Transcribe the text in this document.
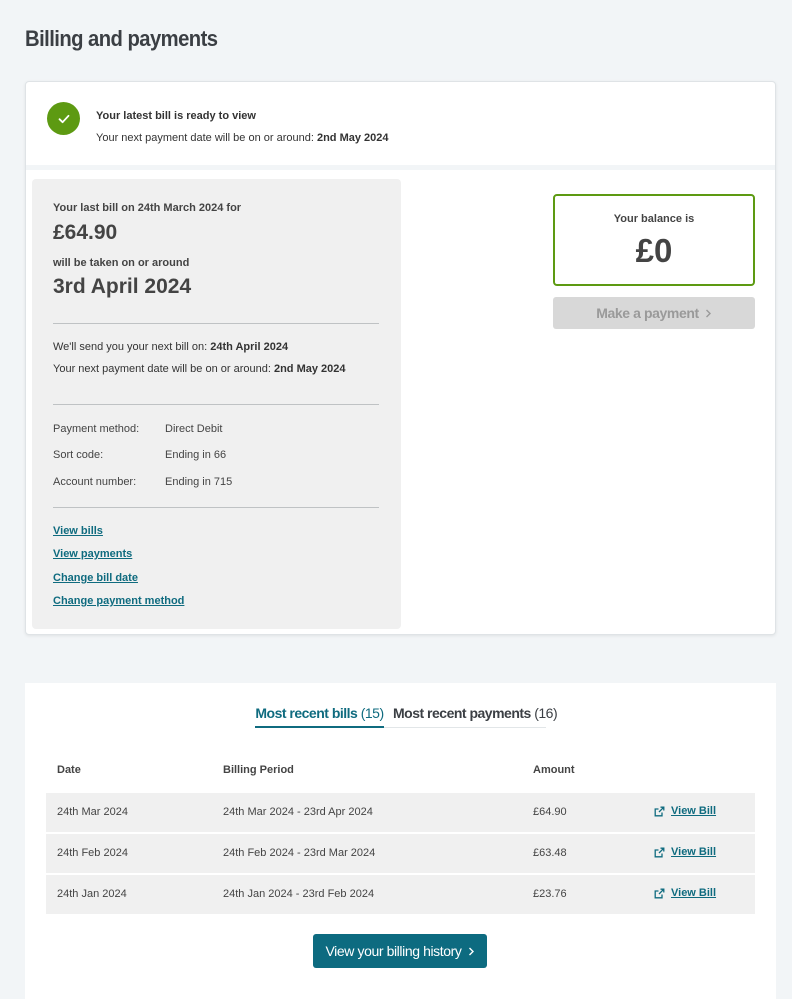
Billing and payments
Your latest bill is ready to view
Your next payment date will be on or around: 2nd May 2024
Your last bill on 24th March 2024 for
£64.90
will be taken on or around
3rd April 2024
We'll send you your next bill on: 24th April 2024
Your next payment date will be on or around: 2nd May 2024
Payment method: Direct Debit
Sort code:	Ending in 66
Account number:	Ending in 715
View bills
View payments
Change bill date
Change payment method
Your balance is
£0
Make a payment
Most recent bills (15) Most recent payments (16)
Date	Billing Period	Amount
24th Mar 2024	24th Mar 2024 - 23rd Apr 2024	£64.90	View Bill
24th Feb 2024	24th Feb 2024 - 23rd Mar 2024	£63.48	View Bill
24th Jan 2024	24th Jan 2024 - 23rd Feb 2024	£23.76	View Bill
View your billing history
